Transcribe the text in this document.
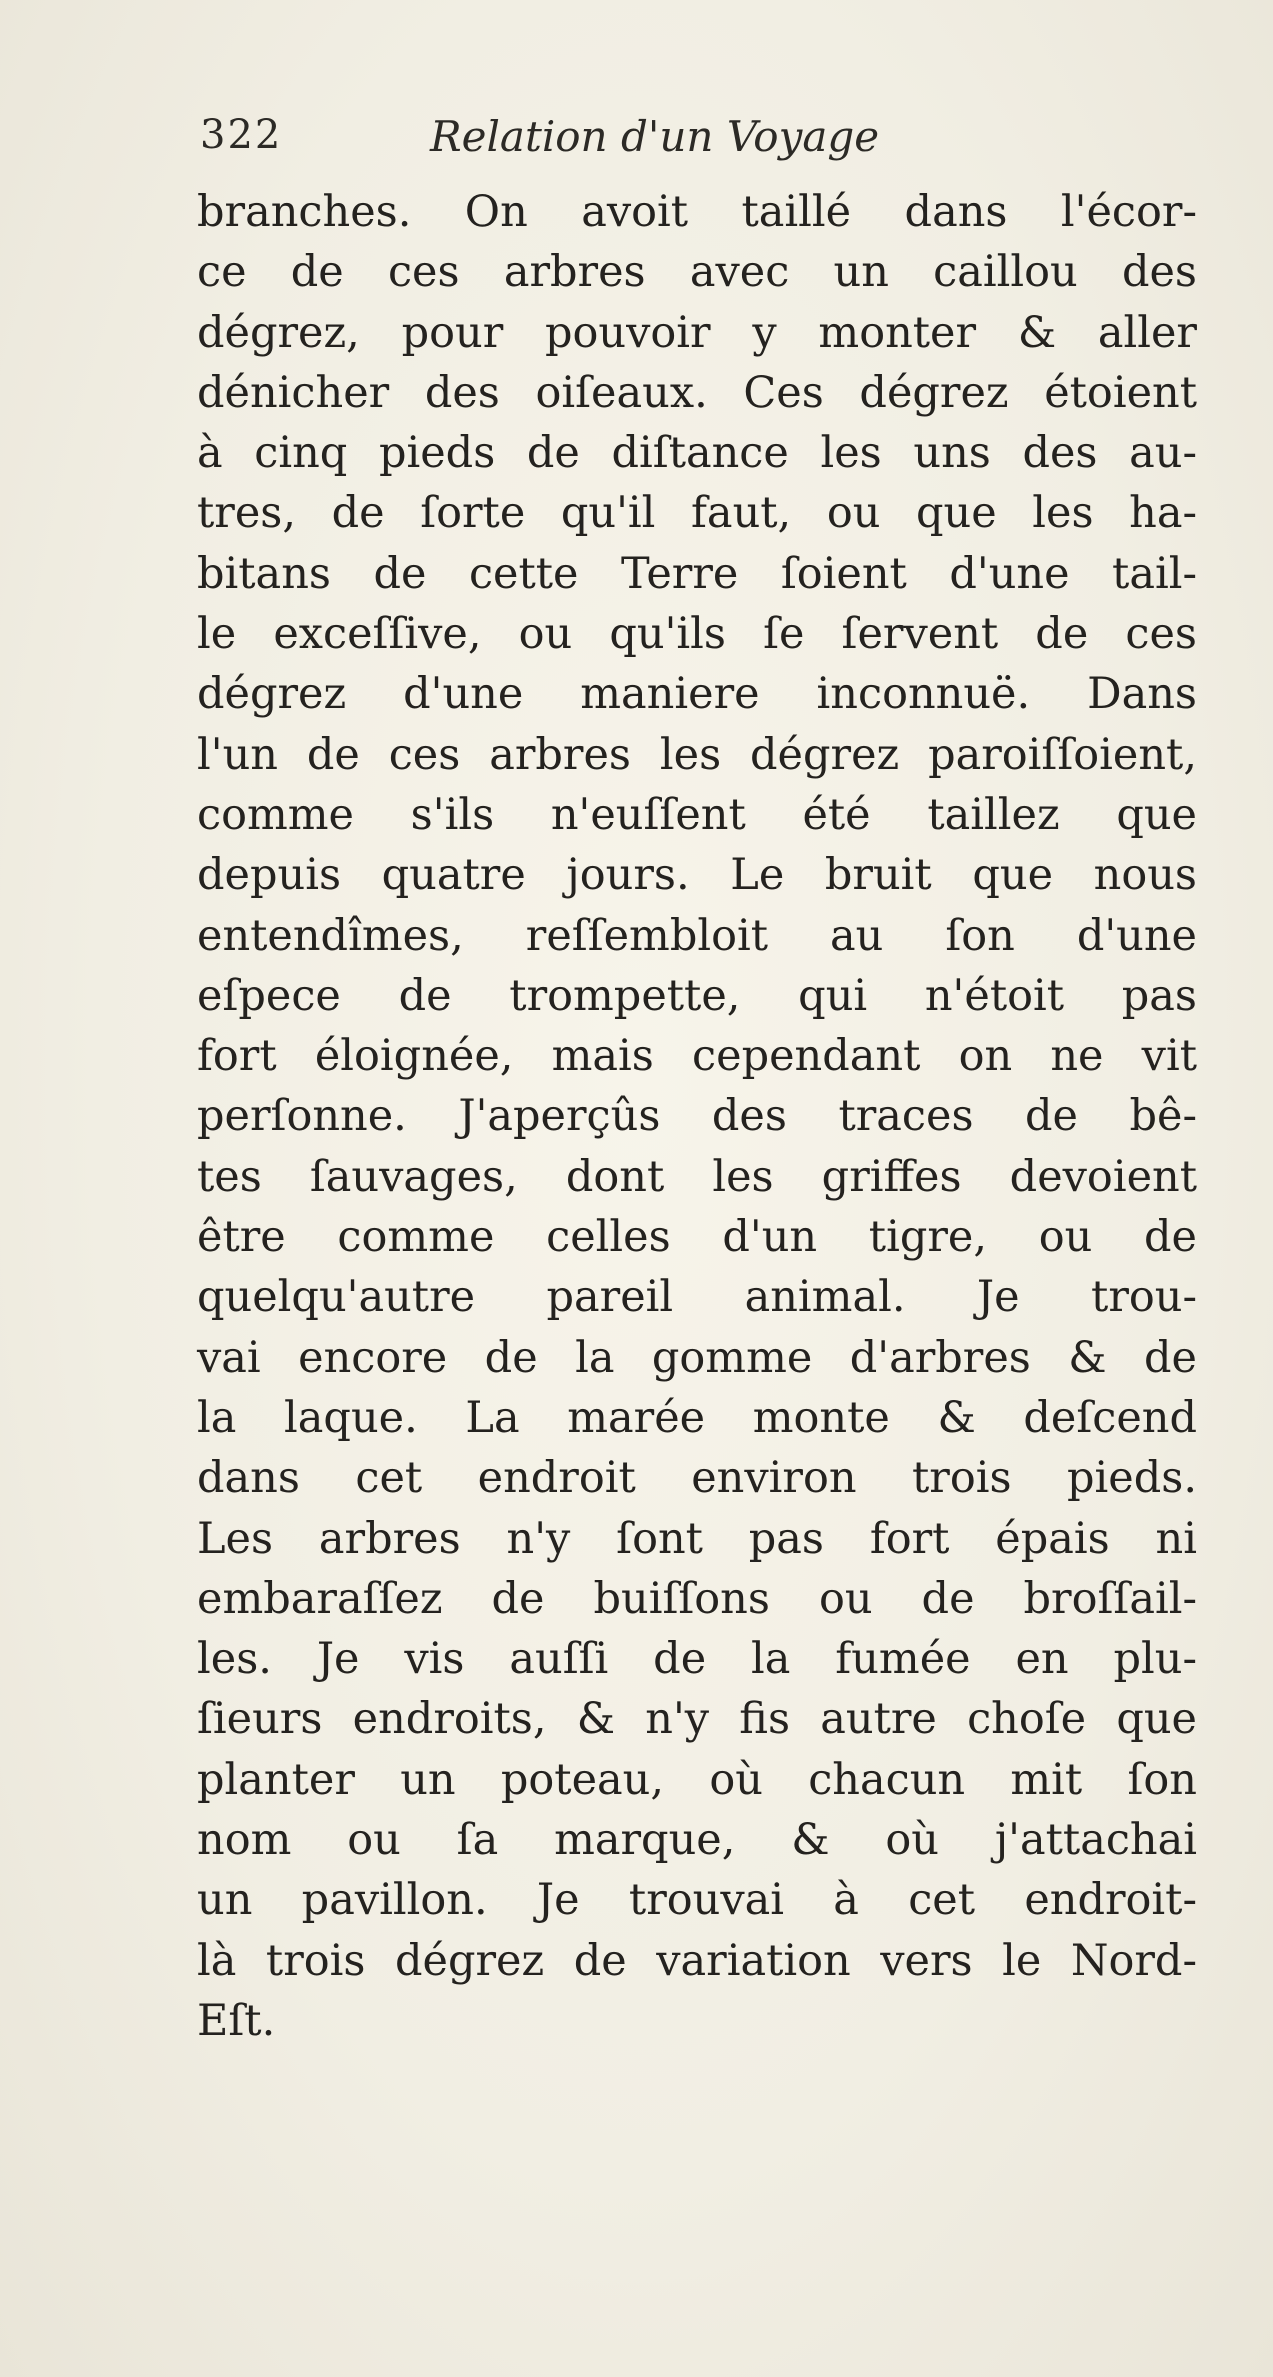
322	Relation d'un Voyage
branches. On avoit taillé dans l'écor-
ce de ces arbres avec un caillou des
dégrez, pour pouvoir y monter & aller
dénicher des oiſeaux. Ces dégrez étoient
à cinq pieds de diſtance les uns des au-
tres, de ſorte qu'il faut, ou que les ha-
bitans de cette Terre ſoient d'une tail-
le exceſſive, ou qu'ils ſe ſervent de ces
dégrez d'une maniere inconnuë. Dans
l'un de ces arbres les dégrez paroiſſoient,
comme s'ils n'euſſent été taillez que
depuis quatre jours. Le bruit que nous
entendîmes, reſſembloit au ſon d'une
eſpece de trompette, qui n'étoit pas
fort éloignée, mais cependant on ne vit
perſonne. J'aperçûs des traces de bê-
tes ſauvages, dont les griffes devoient
être comme celles d'un tigre, ou de
quelqu'autre pareil animal. Je trou-
vai encore de la gomme d'arbres & de
la laque. La marée monte & deſcend
dans cet endroit environ trois pieds.
Les arbres n'y ſont pas fort épais ni
embaraſſez de buiſſons ou de broſſail-
les. Je vis auſſi de la fumée en plu-
ſieurs endroits, & n'y fis autre choſe que
planter un poteau, où chacun mit ſon
nom ou ſa marque, & où j'attachai
un pavillon. Je trouvai à cet endroit-
là trois dégrez de variation vers le Nord-
Eſt.
